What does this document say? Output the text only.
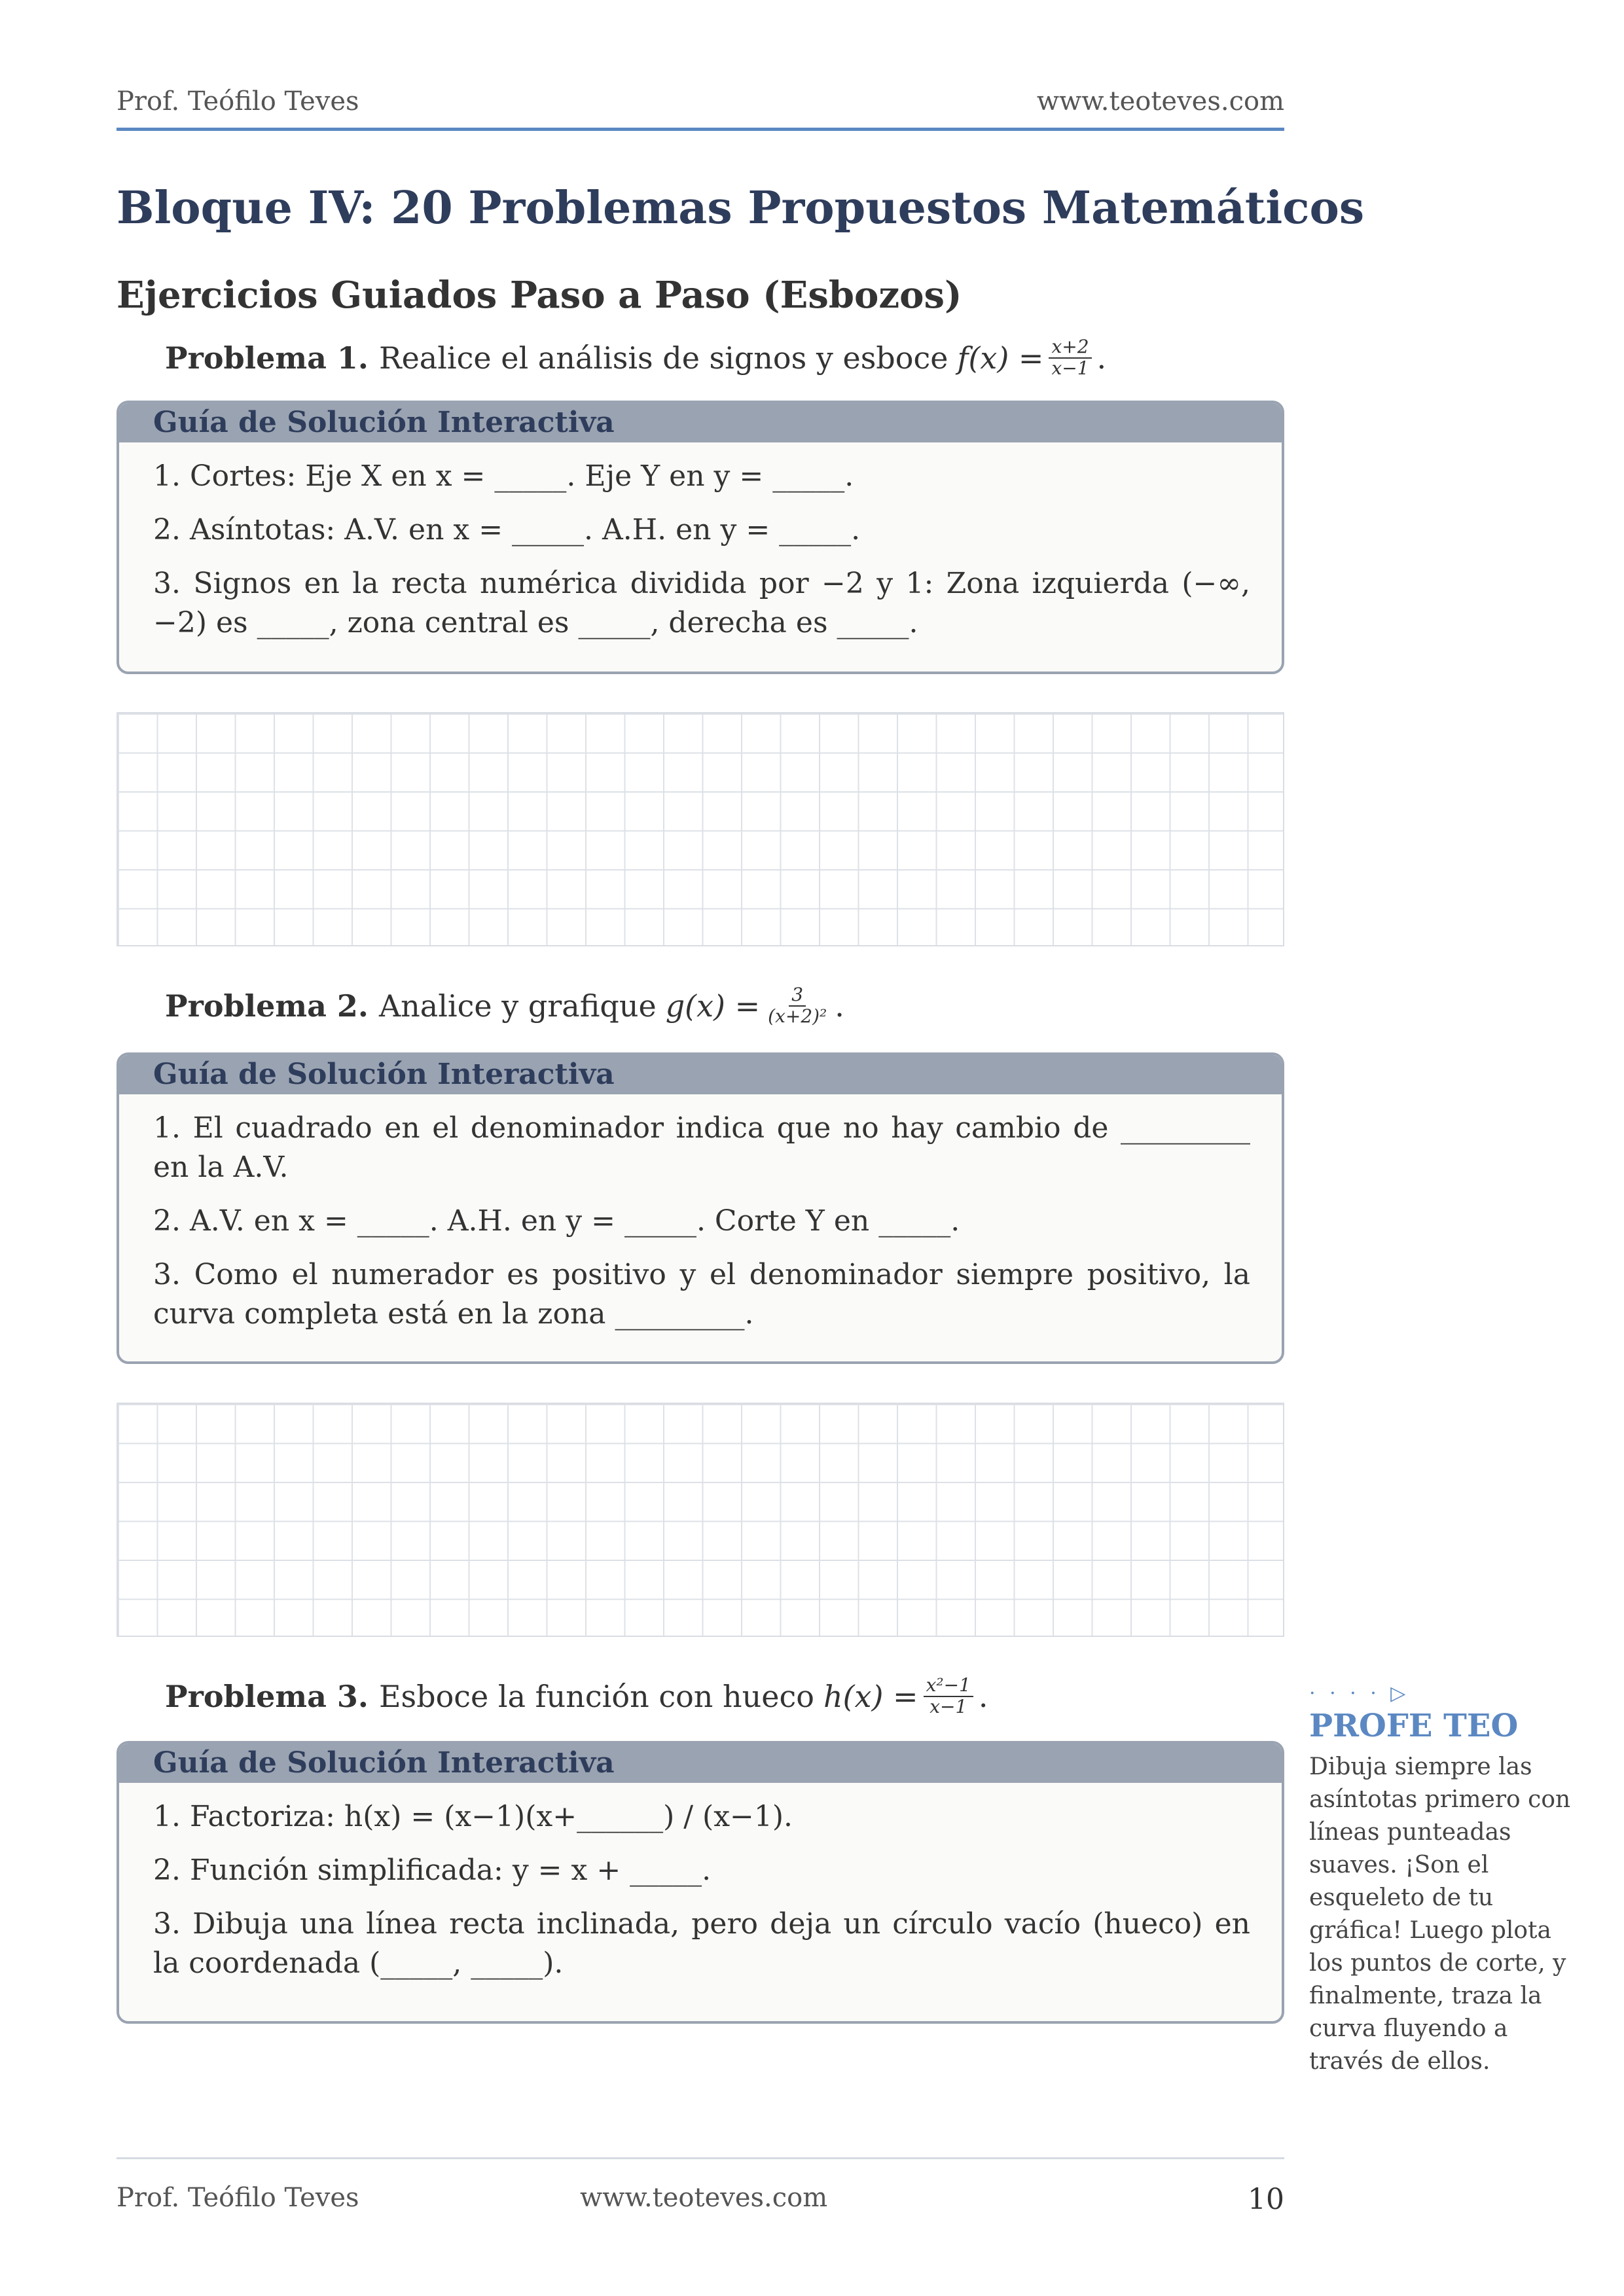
Prof. Teófilo Teves	www.teoteves.com
Bloque IV: 20 Problemas Propuestos Matemáticos
Ejercicios Guiados Paso a Paso (Esbozos)
Problema 1. Realice el análisis de signos y esboce $f(x) = \frac{x+2}{x-1}$ .
Guía de Solución Interactiva
1. Cortes: Eje X en x = _____. Eje Y en y = _____.
2. Asíntotas: A.V. en x = _____. A.H. en y = _____.
3. Signos en la recta numérica dividida por −2 y 1: Zona izquierda (−∞, −2) es _____, zona central es _____, derecha es _____.
Problema 2. Analice y grafique $g(x) = \frac{3}{\text{(x+2)²}}$ .
Guía de Solución Interactiva
1. El cuadrado en el denominador indica que no hay cambio de _________ en la A.V.
2. A.V. en x = _____. A.H. en y = _____. Corte Y en _____.
3. Como el numerador es positivo y el denominador siempre positivo, la curva completa está en la zona _________.
Problema 3. Esboce la función con hueco $h(x) = \frac{\text{x²−1}}{x-1}$ .
Guía de Solución Interactiva
1. Factoriza: h(x) = (x−1)(x+______) / (x−1).
2. Función simplificada: y = x + _____.
3. Dibuja una línea recta inclinada, pero deja un círculo vacío (hueco) en la coordenada (_____, _____).
· · · · ▷
PROFE TEO
Dibuja siempre las asíntotas primero con líneas punteadas suaves. ¡Son el esqueleto de tu gráfica! Luego plota los puntos de corte, y finalmente, traza la curva fluyendo a través de ellos.
Prof. Teófilo Teves	www.teoteves.com	10
